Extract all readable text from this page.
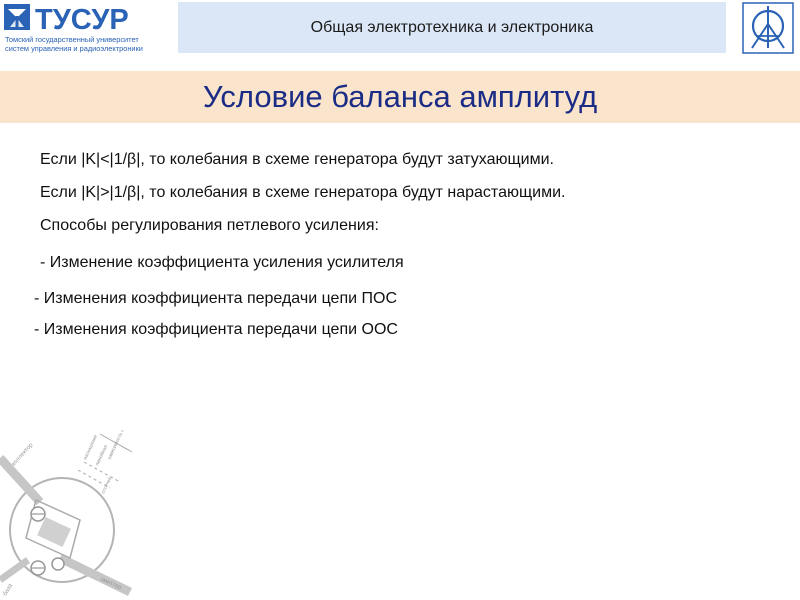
ТУСУР
Томский государственный университет
систем управления и радиоэлектроники
Общая электротехника и электроника
Условие баланса амплитуд
Если |K|<|1/β|, то колебания в схеме генератора будут затухающими.
Если |K|>|1/β|, то колебания в схеме генератора будут нарастающими.
Способы регулирования петлевого усиления:
- Изменение коэффициента усиления усилителя
- Изменения коэффициента передачи цепи ПОС
- Изменения коэффициента передачи цепи ООС
коллектор	насыщение
линейная
зависимость от I
отсечка
эмиттер
база
